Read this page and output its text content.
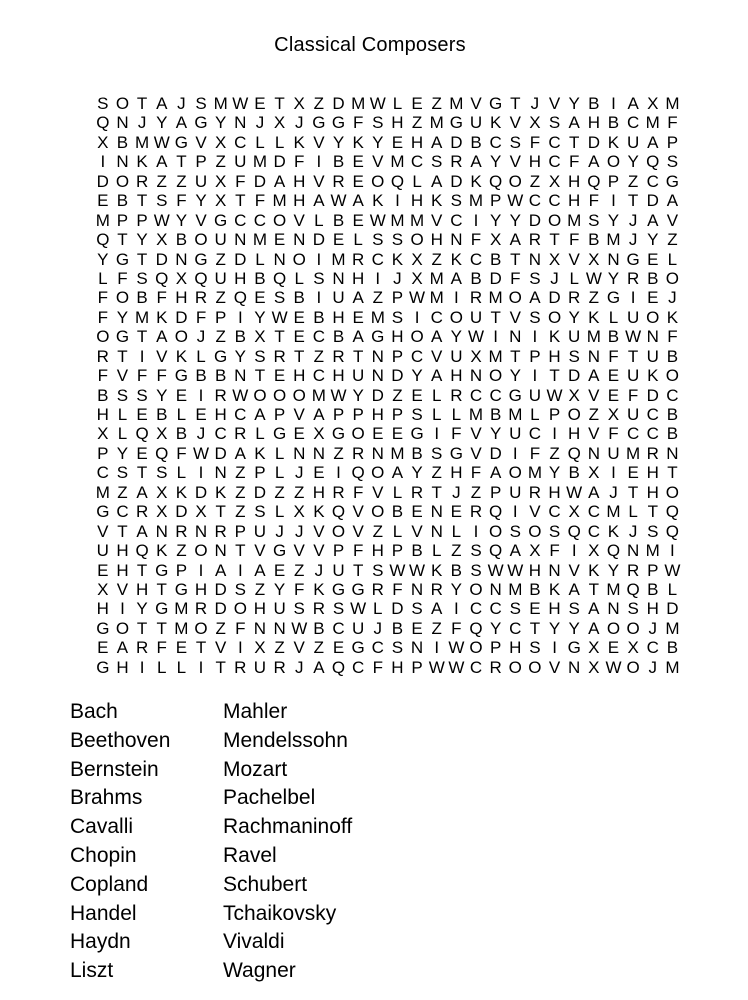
Classical Composers
S O T A J S M W E T X Z D M W L E Z M V G T J V Y B I A X M
Q N J Y A G Y N J X J G G F S H Z M G U K V X S A H B C M F
X B M W G V X C L L K V Y K Y E H A D B C S F C T D K U A P
I N K A T P Z U M D F I B E V M C S R A Y V H C F A O Y Q S
D O R Z Z U X F D A H V R E O Q L A D K Q O Z X H Q P Z C G
E B T S F Y X T F M H A W A K I H K S M P W C C H F I T D A
M P P W Y V G C C O V L B E W M M V C I Y Y D O M S Y J A V
Q T Y X B O U N M E N D E L S S O H N F X A R T F B M J Y Z
Y G T D N G Z D L N O I M R C K X Z K C B T N X V X N G E L
L F S Q X Q U H B Q L S N H I J X M A B D F S J L W Y R B O
F O B F H R Z Q E S B I U A Z P W M I R M O A D R Z G I E J
F Y M K D F P I Y W E B H E M S I C O U T V S O Y K L U O K
O G T A O J Z B X T E C B A G H O A Y W I N I K U M B W N F
R T I V K L G Y S R T Z R T N P C V U X M T P H S N F T U B
F V F F G B B N T E H C H U N D Y A H N O Y I T D A E U K O
B S S Y E I R W O O O M W Y D Z E L R C C G U W X V E F D C
H L E B L E H C A P V A P P H P S L L M B M L P O Z X U C B
X L Q X B J C R L G E X G O E E G I F V Y U C I H V F C C B
P Y E Q F W D A K L N N Z R N M B S G V D I F Z Q N U M R N
C S T S L I N Z P L J E I Q O A Y Z H F A O M Y B X I E H T
M Z A X K D K Z D Z Z H R F V L R T J Z P U R H W A J T H O
G C R X D X T Z S L X K Q V O B E N E R Q I V C X C M L T Q
V T A N R N R P U J J V O V Z L V N L I O S O S Q C K J S Q
U H Q K Z O N T V G V V P F H P B L Z S Q A X F I X Q N M I
E H T G P I A I A E Z J U T S W W K B S W W H N V K Y R P W
X V H T G H D S Z Y F K G G R F N R Y O N M B K A T M Q B L
H I Y G M R D O H U S R S W L D S A I C C S E H S A N S H D
G O T T M O Z F N N W B C U J B E Z F Q Y C T Y Y A O O J M
E A R F E T V I X Z V Z E G C S N I W O P H S I G X E X C B
G H I L L I T R U R J A Q C F H P W W C R O O V N X W O J M
Bach
Beethoven
Bernstein
Brahms
Cavalli
Chopin
Copland
Handel
Haydn
Liszt
Mahler
Mendelssohn
Mozart
Pachelbel
Rachmaninoff
Ravel
Schubert
Tchaikovsky
Vivaldi
Wagner
